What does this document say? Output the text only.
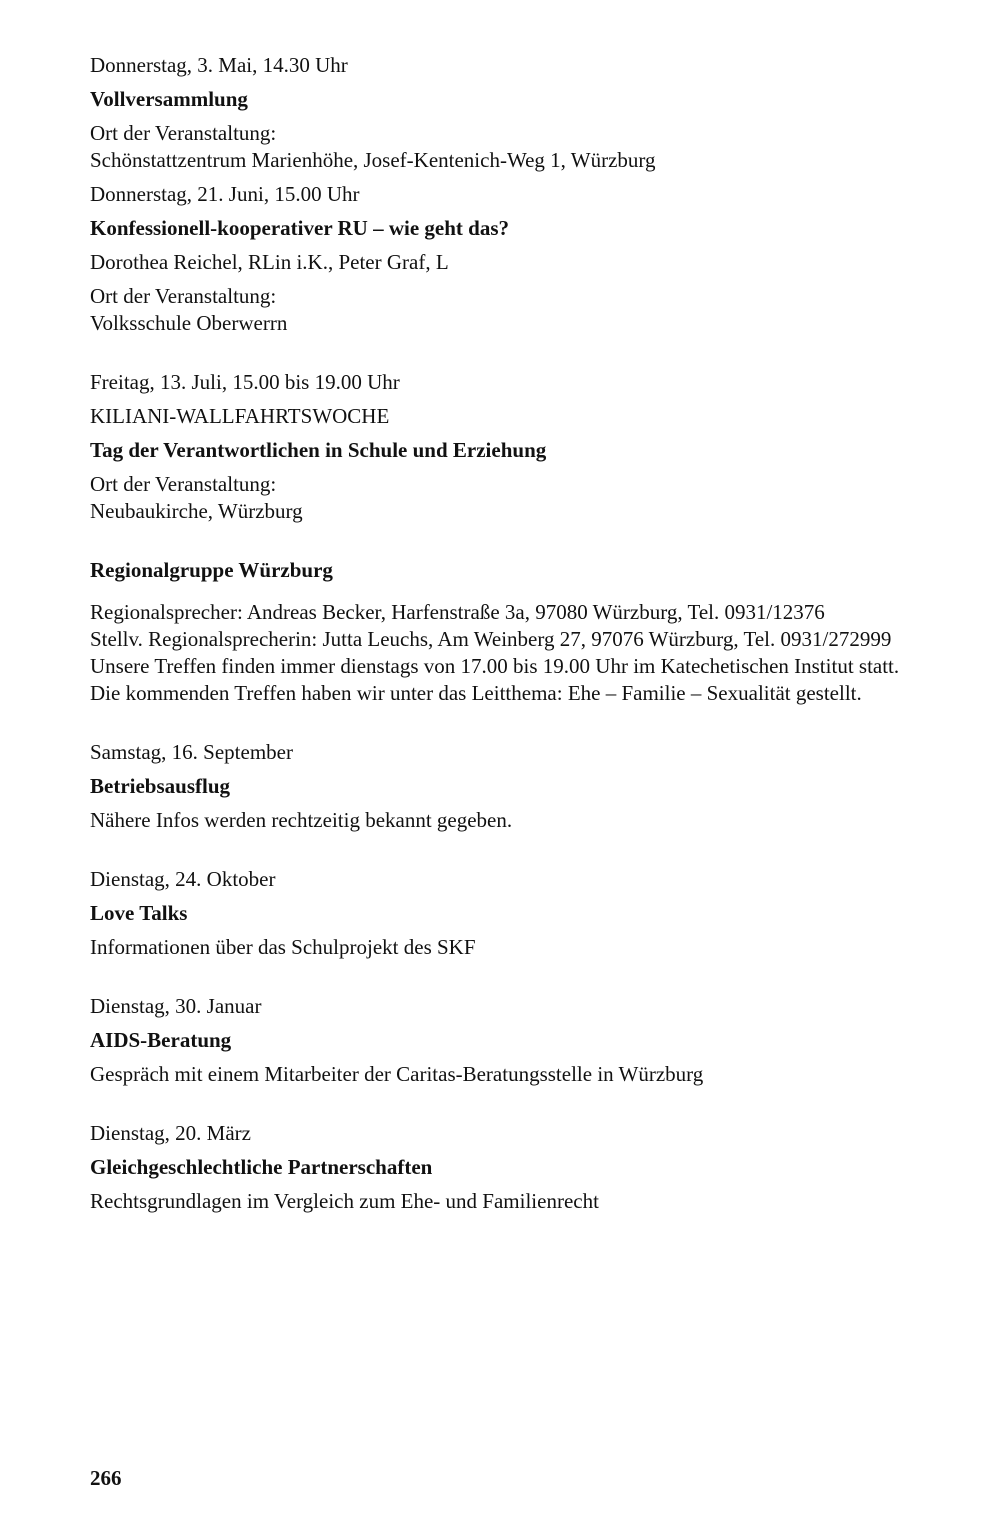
Donnerstag, 3. Mai, 14.30 Uhr

Vollversammlung

Ort der Veranstaltung:

Schönstattzentrum Marienhöhe, Josef-Kentenich-Weg 1, Würzburg

Donnerstag, 21. Juni, 15.00 Uhr

Konfessionell-kooperativer RU – wie geht das?

Dorothea Reichel, RLin i.K., Peter Graf, L

Ort der Veranstaltung:

Volksschule Oberwerrn

Freitag, 13. Juli, 15.00 bis 19.00 Uhr

KILIANI-WALLFAHRTSWOCHE

Tag der Verantwortlichen in Schule und Erziehung

Ort der Veranstaltung:

Neubaukirche, Würzburg

Regionalgruppe Würzburg

Regionalsprecher: Andreas Becker, Harfenstraße 3a, 97080 Würzburg, Tel. 0931/12376

Stellv. Regionalsprecherin: Jutta Leuchs, Am Weinberg 27, 97076 Würzburg, Tel. 0931/272999

Unsere Treffen finden immer dienstags von 17.00 bis 19.00 Uhr im Katechetischen Institut statt.

Die kommenden Treffen haben wir unter das Leitthema: Ehe – Familie – Sexualität gestellt.

Samstag, 16. September

Betriebsausflug

Nähere Infos werden rechtzeitig bekannt gegeben.

Dienstag, 24. Oktober

Love Talks

Informationen über das Schulprojekt des SKF

Dienstag, 30. Januar

AIDS-Beratung

Gespräch mit einem Mitarbeiter der Caritas-Beratungsstelle in Würzburg

Dienstag, 20. März

Gleichgeschlechtliche Partnerschaften

Rechtsgrundlagen im Vergleich zum Ehe- und Familienrecht

266
